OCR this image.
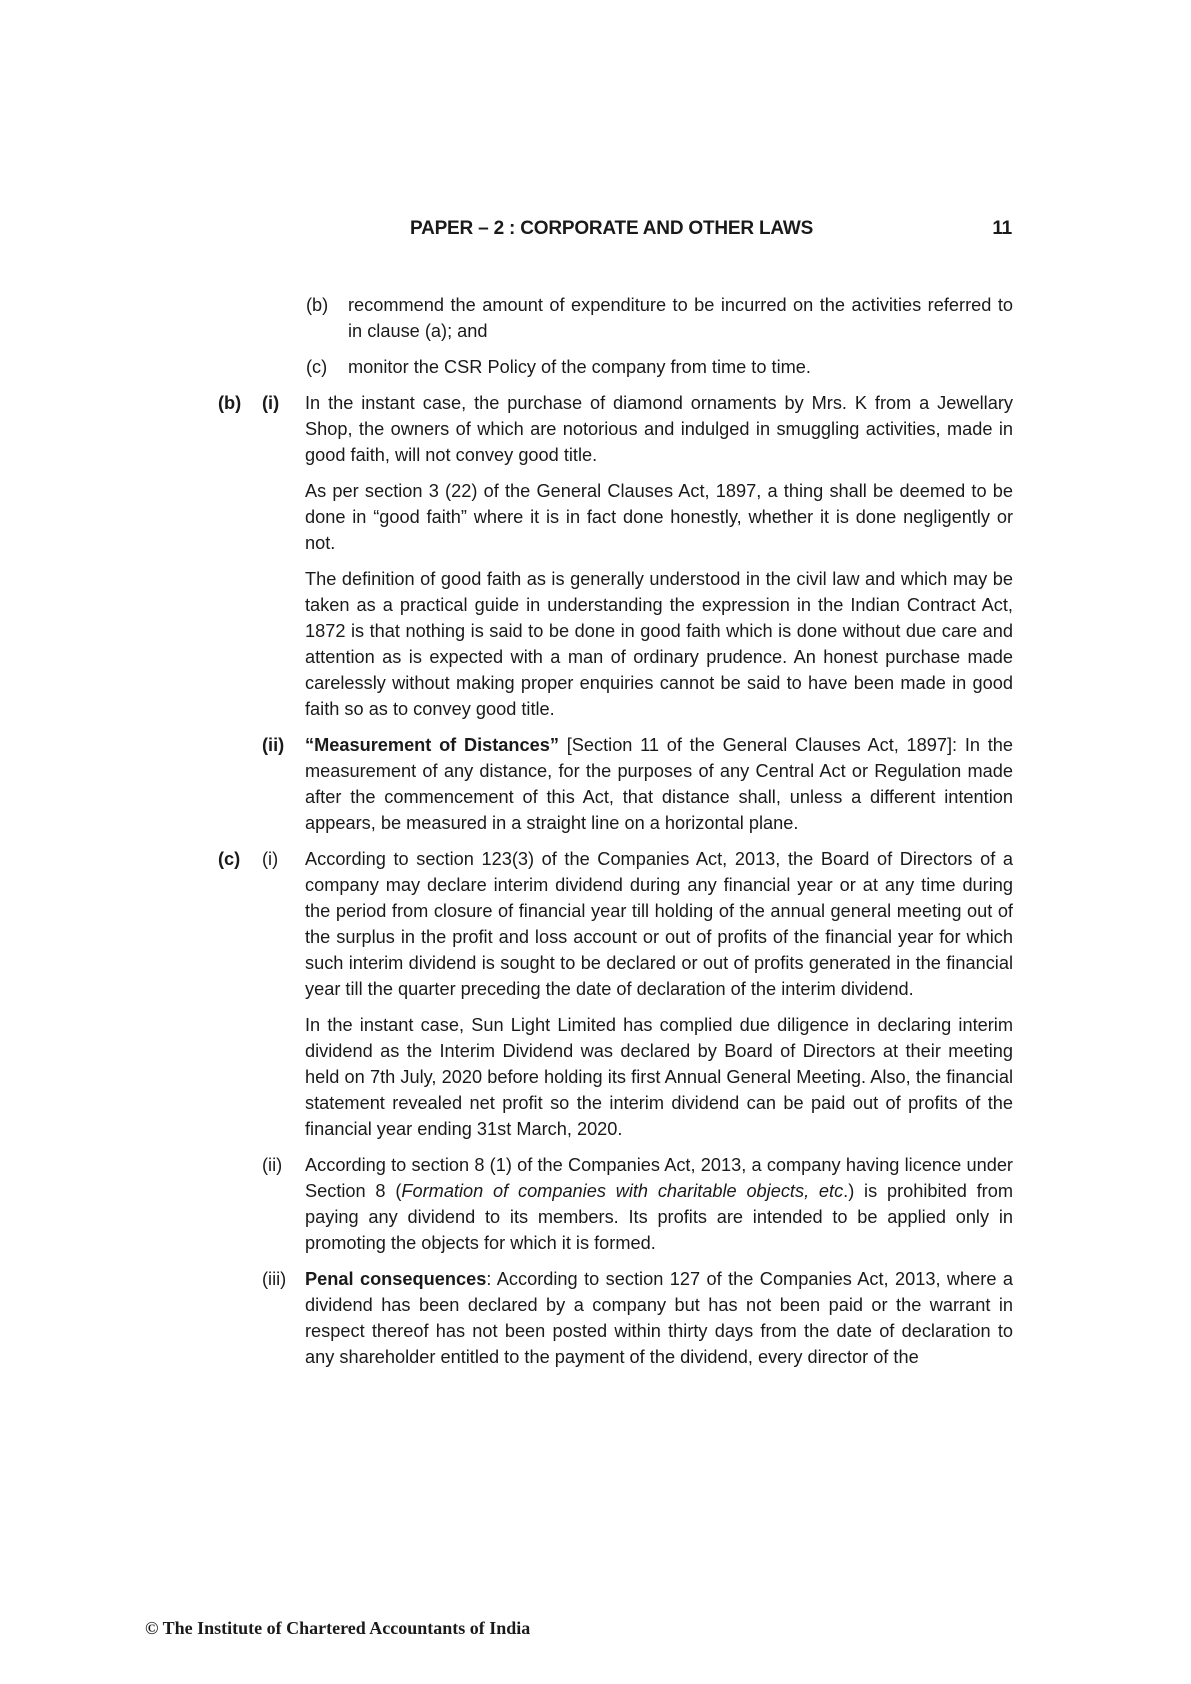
PAPER – 2 : CORPORATE AND OTHER LAWS	11
(b) recommend the amount of expenditure to be incurred on the activities referred to in clause (a); and
(c) monitor the CSR Policy of the company from time to time.
(b) (i) In the instant case, the purchase of diamond ornaments by Mrs. K from a Jewellary Shop, the owners of which are notorious and indulged in smuggling activities, made in good faith, will not convey good title.
As per section 3 (22) of the General Clauses Act, 1897, a thing shall be deemed to be done in “good faith” where it is in fact done honestly, whether it is done negligently or not.
The definition of good faith as is generally understood in the civil law and which may be taken as a practical guide in understanding the expression in the Indian Contract Act, 1872 is that nothing is said to be done in good faith which is done without due care and attention as is expected with a man of ordinary prudence. An honest purchase made carelessly without making proper enquiries cannot be said to have been made in good faith so as to convey good title.
(ii) “Measurement of Distances” [Section 11 of the General Clauses Act, 1897]: In the measurement of any distance, for the purposes of any Central Act or Regulation made after the commencement of this Act, that distance shall, unless a different intention appears, be measured in a straight line on a horizontal plane.
(c) (i) According to section 123(3) of the Companies Act, 2013, the Board of Directors of a company may declare interim dividend during any financial year or at any time during the period from closure of financial year till holding of the annual general meeting out of the surplus in the profit and loss account or out of profits of the financial year for which such interim dividend is sought to be declared or out of profits generated in the financial year till the quarter preceding the date of declaration of the interim dividend.
In the instant case, Sun Light Limited has complied due diligence in declaring interim dividend as the Interim Dividend was declared by Board of Directors at their meeting held on 7th July, 2020 before holding its first Annual General Meeting. Also, the financial statement revealed net profit so the interim dividend can be paid out of profits of the financial year ending 31st March, 2020.
(ii) According to section 8 (1) of the Companies Act, 2013, a company having licence under Section 8 (Formation of companies with charitable objects, etc.) is prohibited from paying any dividend to its members. Its profits are intended to be applied only in promoting the objects for which it is formed.
(iii) Penal consequences: According to section 127 of the Companies Act, 2013, where a dividend has been declared by a company but has not been paid or the warrant in respect thereof has not been posted within thirty days from the date of declaration to any shareholder entitled to the payment of the dividend, every director of the
© The Institute of Chartered Accountants of India
